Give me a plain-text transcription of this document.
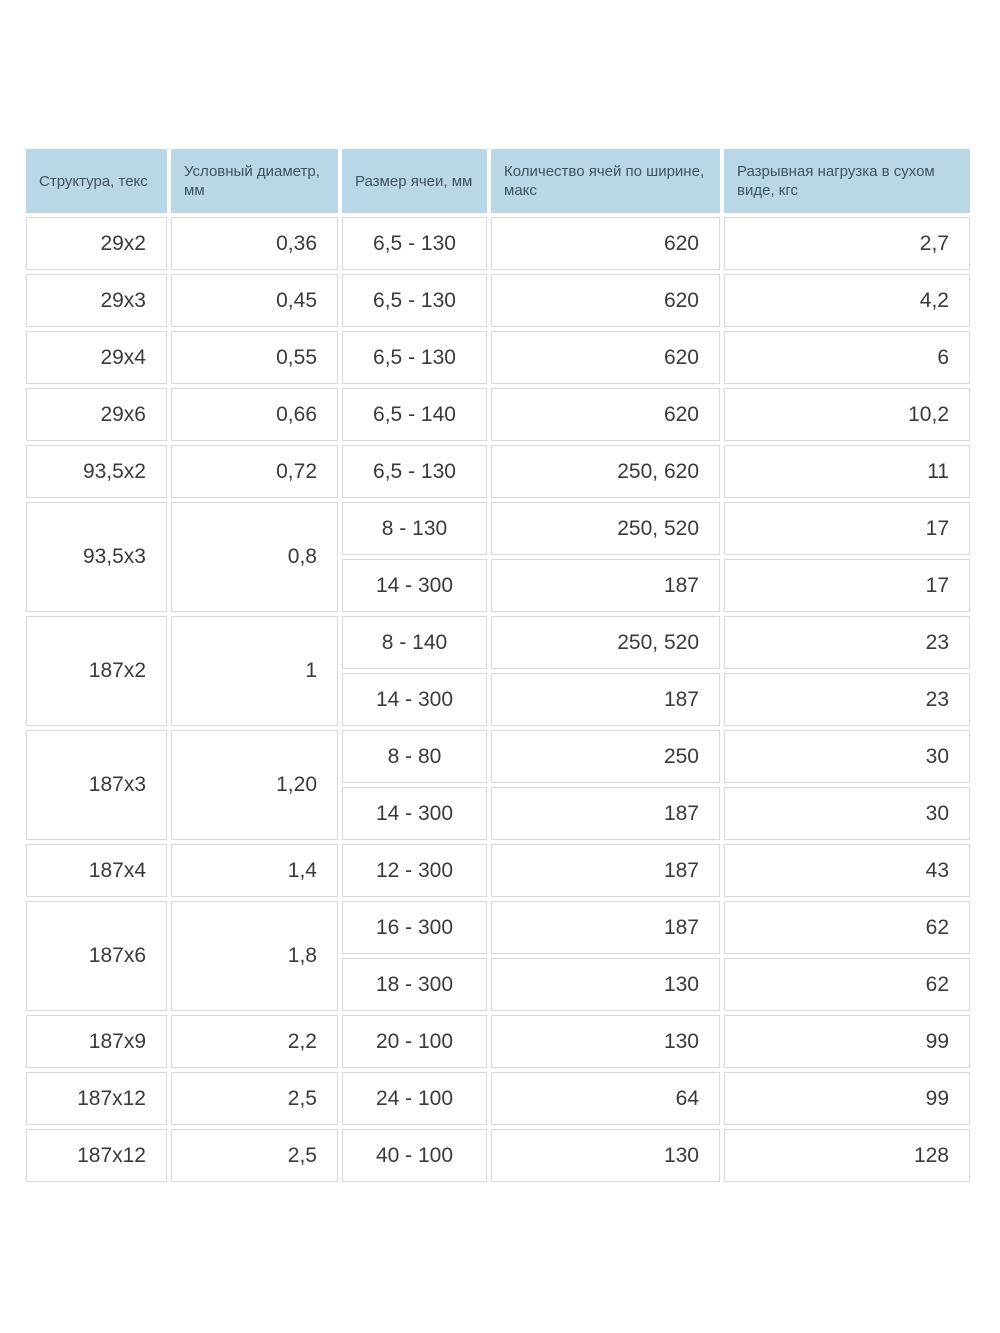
Структура, текс	Условный диаметр, мм	Размер ячеи, мм	Количество ячей по ширине, макс	Разрывная нагрузка в сухом виде, кгс
29x2	0,36	6,5 - 130	620	2,7
29x3	0,45	6,5 - 130	620	4,2
29x4	0,55	6,5 - 130	620	6
29x6	0,66	6,5 - 140	620	10,2
93,5x2	0,72	6,5 - 130	250, 620	11
93,5x3	0,8	8 - 130	250, 520	17
		14 - 300	187	17
187x2	1	8 - 140	250, 520	23
		14 - 300	187	23
187x3	1,20	8 - 80	250	30
		14 - 300	187	30
187x4	1,4	12 - 300	187	43
187x6	1,8	16 - 300	187	62
		18 - 300	130	62
187x9	2,2	20 - 100	130	99
187x12	2,5	24 - 100	64	99
187x12	2,5	40 - 100	130	128
